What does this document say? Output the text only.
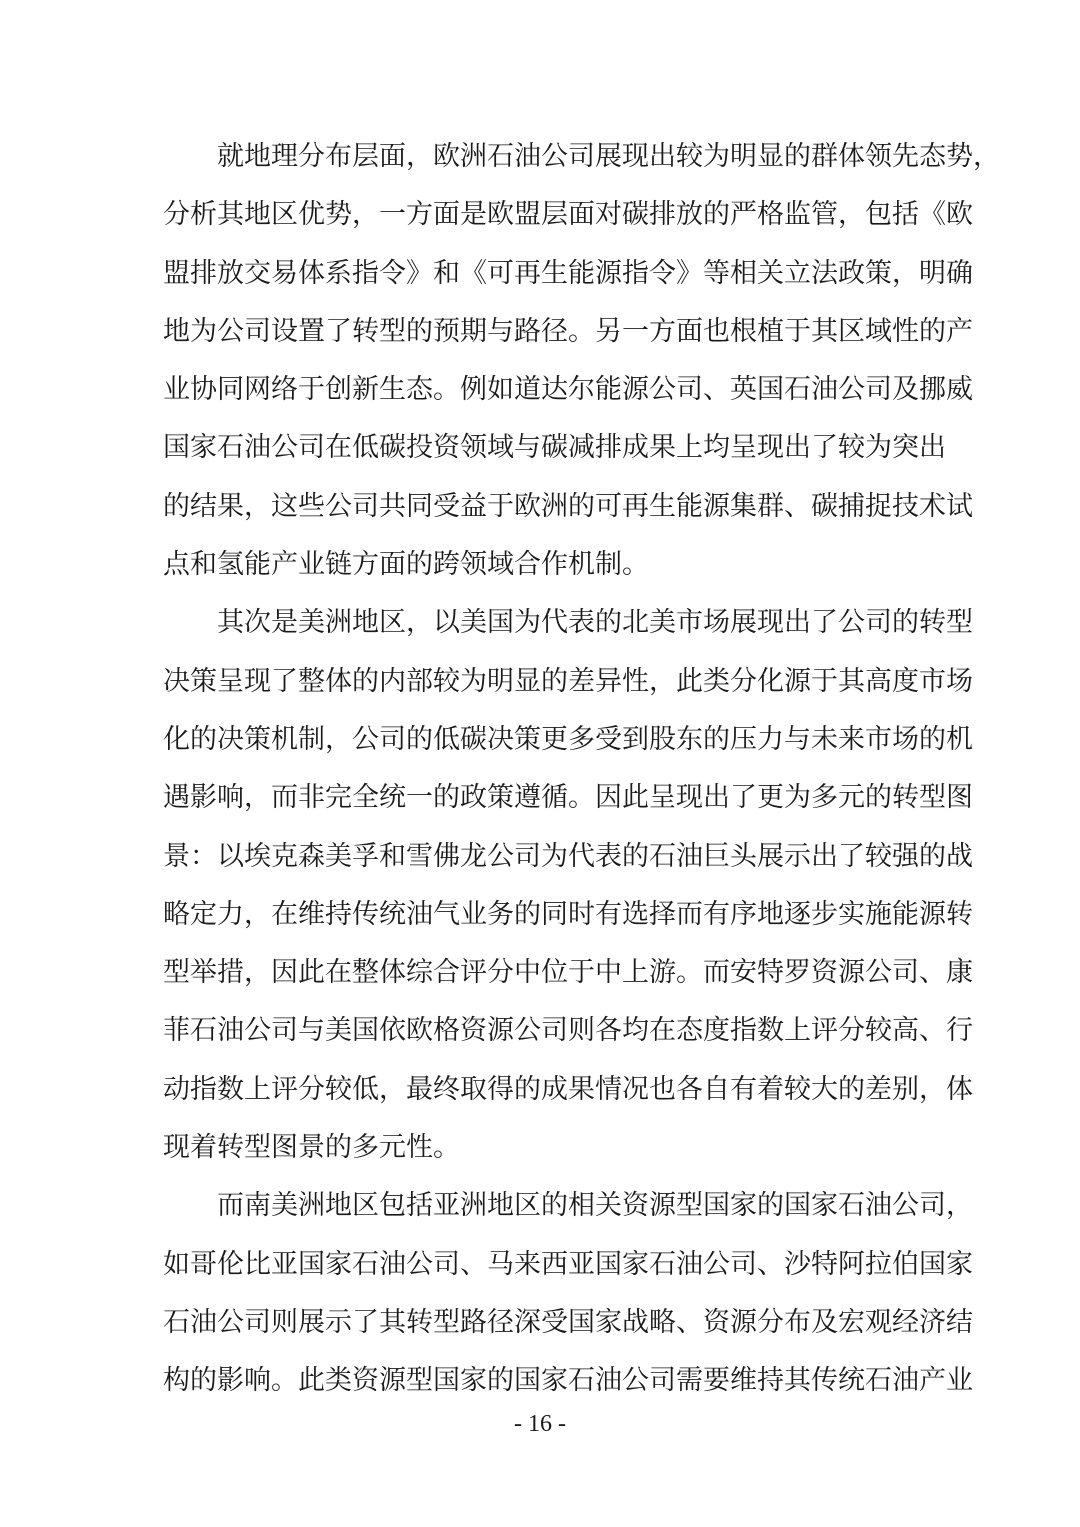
就地理分布层面，欧洲石油公司展现出较为明显的群体领先态势，
分析其地区优势，一方面是欧盟层面对碳排放的严格监管，包括《欧
盟排放交易体系指令》和《可再生能源指令》等相关立法政策，明确
地为公司设置了转型的预期与路径。另一方面也根植于其区域性的产
业协同网络于创新生态。例如道达尔能源公司、英国石油公司及挪威
国家石油公司在低碳投资领域与碳减排成果上均呈现出了较为突出
的结果，这些公司共同受益于欧洲的可再生能源集群、碳捕捉技术试
点和氢能产业链方面的跨领域合作机制。
其次是美洲地区，以美国为代表的北美市场展现出了公司的转型
决策呈现了整体的内部较为明显的差异性，此类分化源于其高度市场
化的决策机制，公司的低碳决策更多受到股东的压力与未来市场的机
遇影响，而非完全统一的政策遵循。因此呈现出了更为多元的转型图
景：以埃克森美孚和雪佛龙公司为代表的石油巨头展示出了较强的战
略定力，在维持传统油气业务的同时有选择而有序地逐步实施能源转
型举措，因此在整体综合评分中位于中上游。而安特罗资源公司、康
菲石油公司与美国依欧格资源公司则各均在态度指数上评分较高、行
动指数上评分较低，最终取得的成果情况也各自有着较大的差别，体
现着转型图景的多元性。
而南美洲地区包括亚洲地区的相关资源型国家的国家石油公司，
如哥伦比亚国家石油公司、马来西亚国家石油公司、沙特阿拉伯国家
石油公司则展示了其转型路径深受国家战略、资源分布及宏观经济结
构的影响。此类资源型国家的国家石油公司需要维持其传统石油产业
- 16 -
